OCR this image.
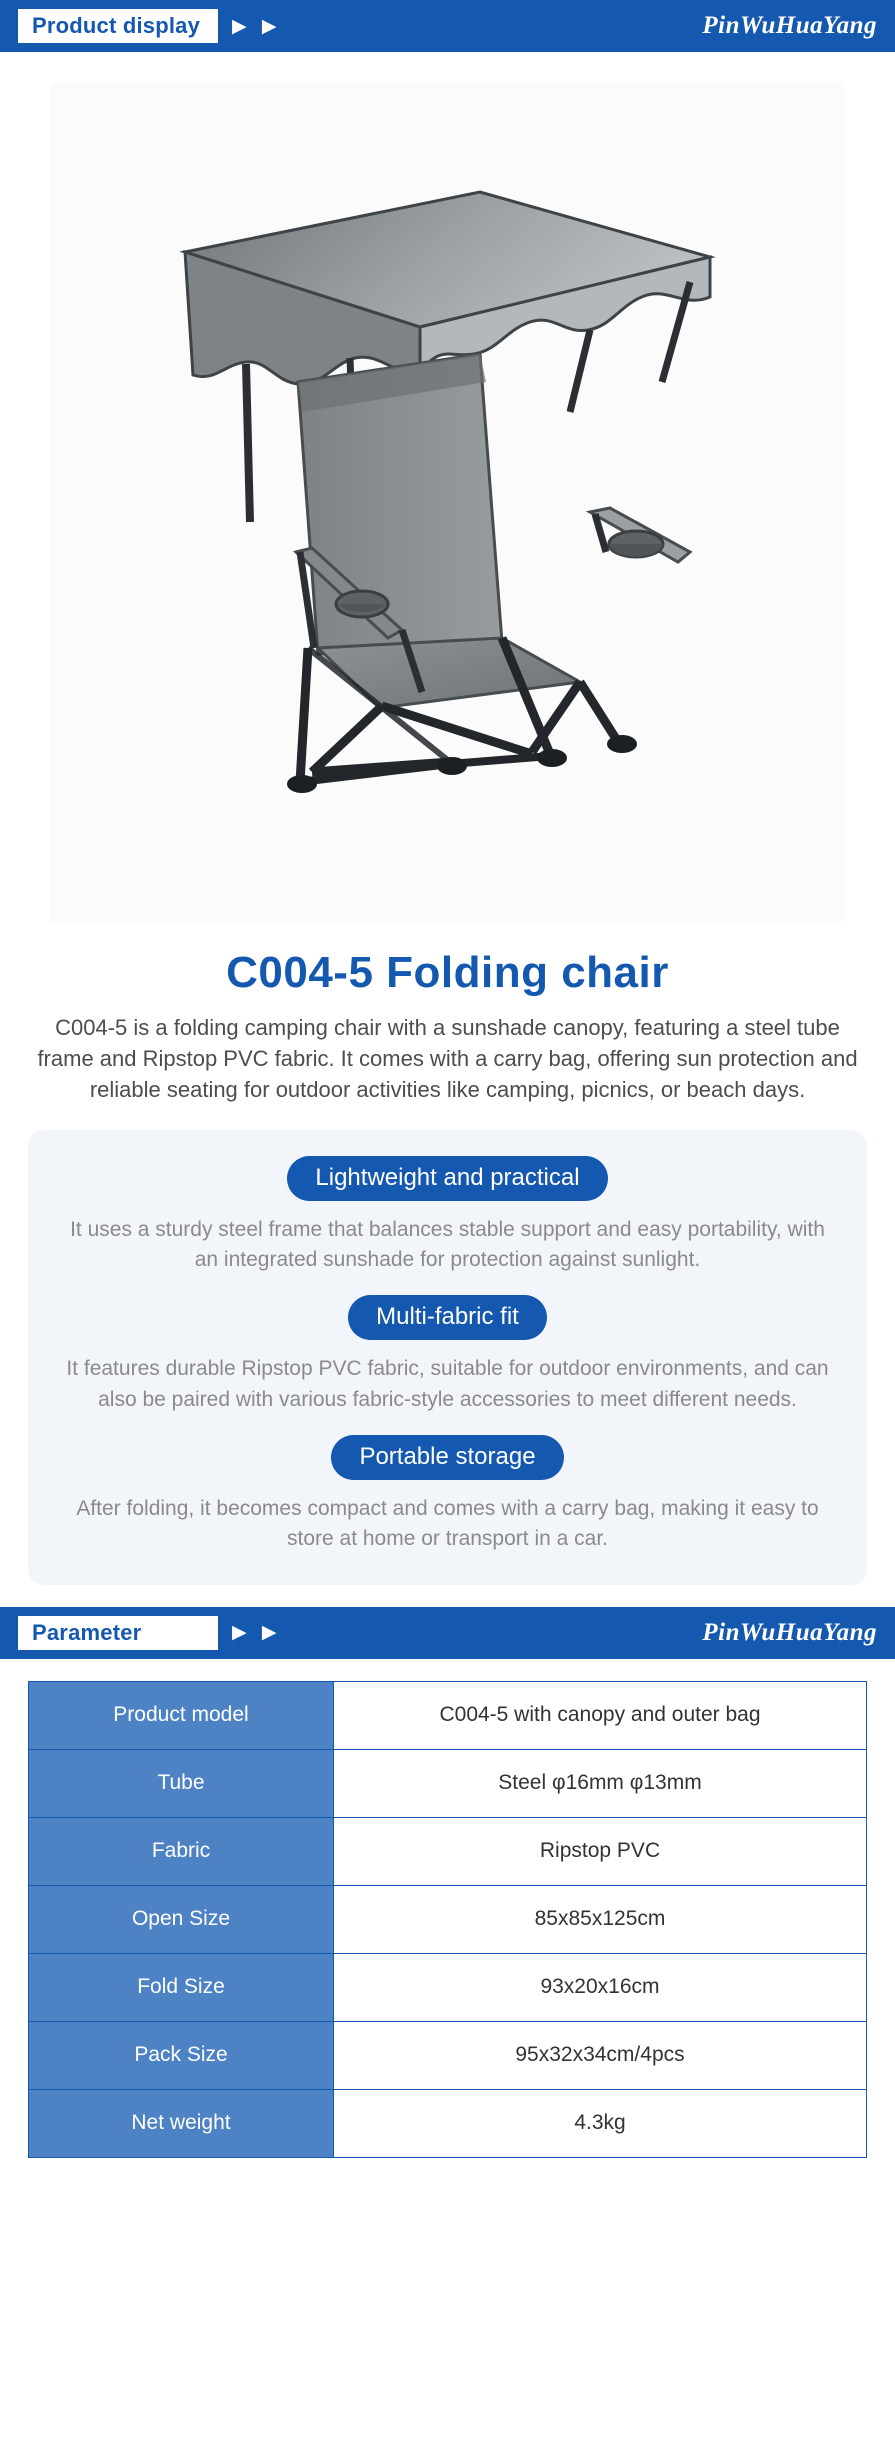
Product display	▶ ▶	PinWuHuaYang
C004-5 Folding chair
C004-5 is a folding camping chair with a sunshade canopy, featuring a steel tube frame and Ripstop PVC fabric. It comes with a carry bag, offering sun protection and reliable seating for outdoor activities like camping, picnics, or beach days.
Lightweight and practical
It uses a sturdy steel frame that balances stable support and easy portability, with an integrated sunshade for protection against sunlight.
Multi-fabric fit
It features durable Ripstop PVC fabric, suitable for outdoor environments, and can also be paired with various fabric-style accessories to meet different needs.
Portable storage
After folding, it becomes compact and comes with a carry bag, making it easy to store at home or transport in a car.
Parameter	▶ ▶	PinWuHuaYang
Product model	C004-5 with canopy and outer bag
Tube	Steel φ16mm φ13mm
Fabric	Ripstop PVC
Open Size	85x85x125cm
Fold Size	93x20x16cm
Pack Size	95x32x34cm/4pcs
Net weight	4.3kg
